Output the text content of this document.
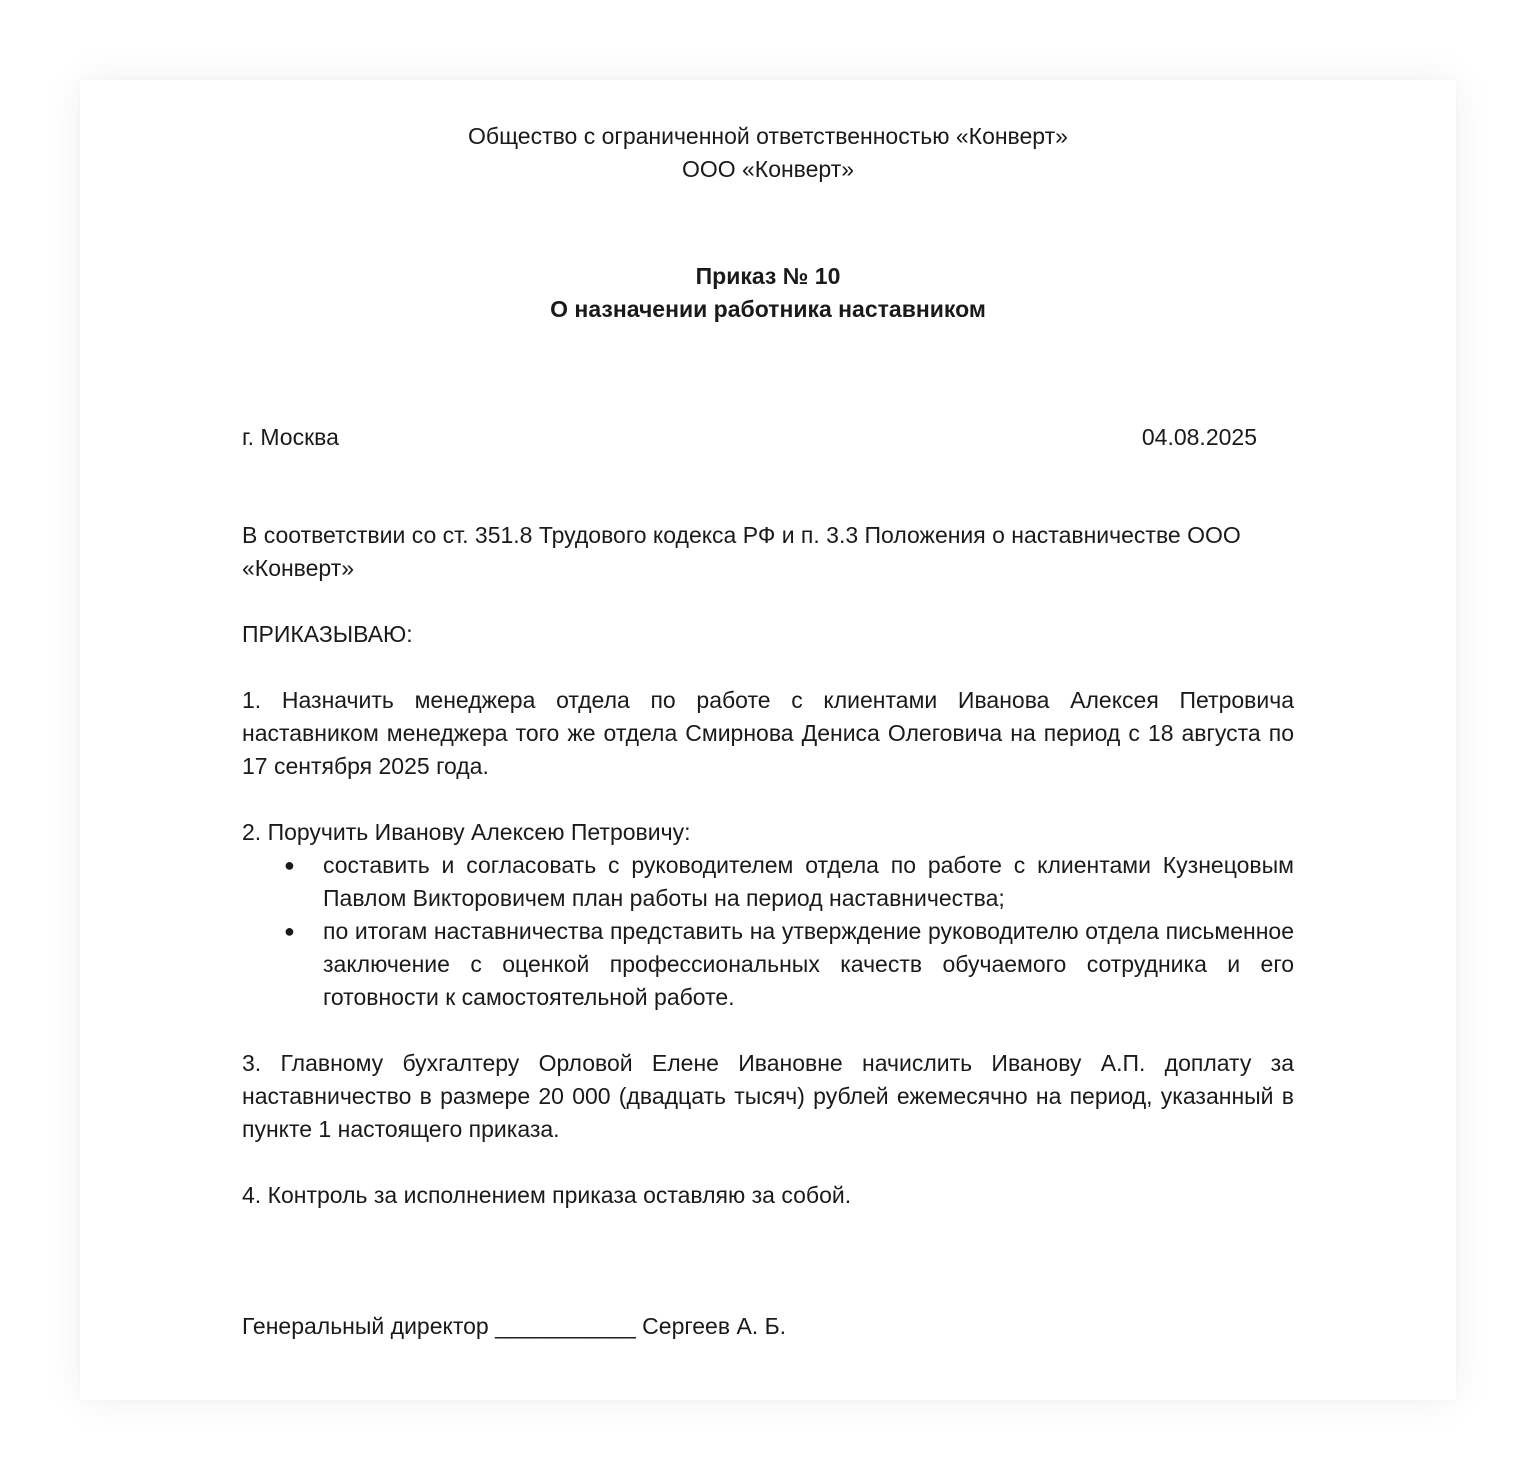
Общество с ограниченной ответственностью «Конверт»
ООО «Конверт»
Приказ № 10
О назначении работника наставником
г. Москва	04.08.2025
В соответствии со ст. 351.8 Трудового кодекса РФ и п. 3.3 Положения о наставничестве ООО «Конверт»
ПРИКАЗЫВАЮ:
1. Назначить менеджера отдела по работе с клиентами Иванова Алексея Петровича наставником менеджера того же отдела Смирнова Дениса Олеговича на период с 18 августа по 17 сентября 2025 года.
2. Поручить Иванову Алексею Петровичу:
● составить и согласовать с руководителем отдела по работе с клиентами Кузнецовым Павлом Викторовичем план работы на период наставничества;
● по итогам наставничества представить на утверждение руководителю отдела письменное заключение с оценкой профессиональных качеств обучаемого сотрудника и его готовности к самостоятельной работе.
3. Главному бухгалтеру Орловой Елене Ивановне начислить Иванову А.П. доплату за наставничество в размере 20 000 (двадцать тысяч) рублей ежемесячно на период, указанный в пункте 1 настоящего приказа.
4. Контроль за исполнением приказа оставляю за собой.
Генеральный директор ___________ Сергеев А. Б.
